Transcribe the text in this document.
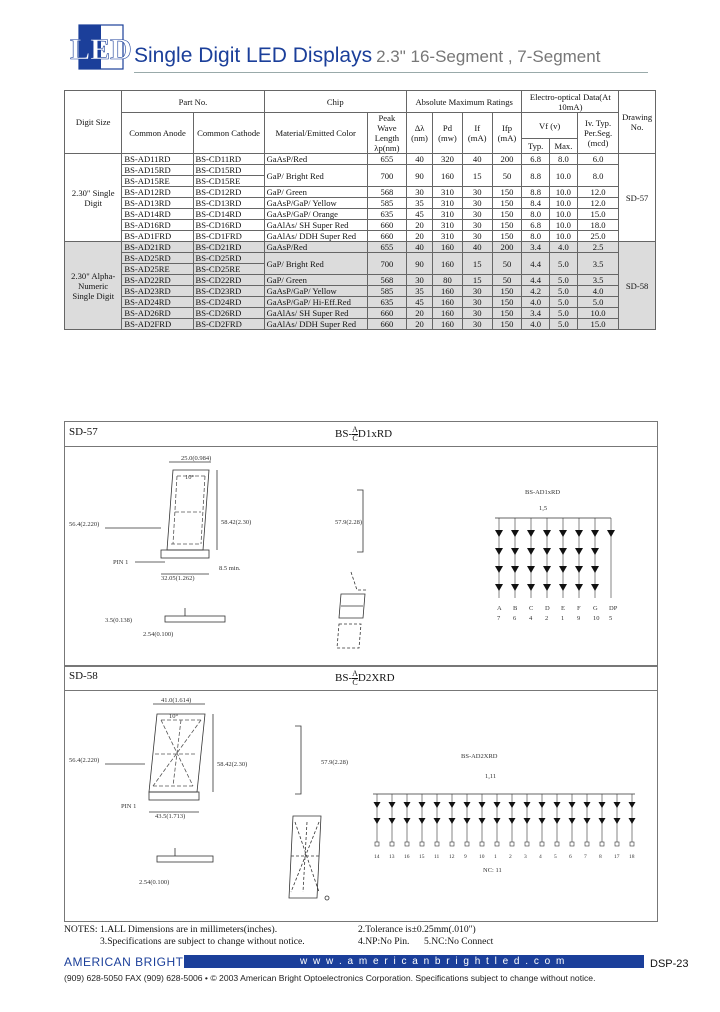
LED Single Digit LED Displays 2.3" 16-Segment , 7-Segment
Digit Size	Part No.		Chip		Absolute Maximum Ratings				Electro-optical Data(At 10mA)			Drawing No.
	Common Anode	Common Cathode	Material/Emitted Color	Peak Wave Length λp(nm)	Δλ (nm)	Pd (mw)	If (mA)	Ifp (mA)	Vf (v)		Iv. Typ. Per.Seg. (mcd)	
									Typ.	Max.		
2.30" Single Digit	BS-AD11RD	BS-CD11RD	GaAsP/Red	655	40	320	40	200	6.8	8.0	6.0	SD-57
	BS-AD15RD	BS-CD15RD	GaP/ Bright Red	700	90	160	15	50	8.8	10.0	8.0	
	BS-AD15RE	BS-CD15RE										
	BS-AD12RD	BS-CD12RD	GaP/ Green	568	30	310	30	150	8.8	10.0	12.0	
	BS-AD13RD	BS-CD13RD	GaAsP/GaP/ Yellow	585	35	310	30	150	8.4	10.0	12.0	
	BS-AD14RD	BS-CD14RD	GaAsP/GaP/ Orange	635	45	310	30	150	8.0	10.0	15.0	
	BS-AD16RD	BS-CD16RD	GaAlAs/ SH Super Red	660	20	310	30	150	6.8	10.0	18.0	
	BS-AD1FRD	BS-CD1FRD	GaAlAs/ DDH Super Red	660	20	310	30	150	8.0	10.0	25.0	
2.30" Alpha-Numeric Single Digit	BS-AD21RD	BS-CD21RD	GaAsP/Red	655	40	160	40	200	3.4	4.0	2.5	SD-58
	BS-AD25RD	BS-CD25RD	GaP/ Bright Red	700	90	160	15	50	4.4	5.0	3.5	
	BS-AD25RE	BS-CD25RE										
	BS-AD22RD	BS-CD22RD	GaP/ Green	568	30	80	15	50	4.4	5.0	3.5	
	BS-AD23RD	BS-CD23RD	GaAsP/GaP/ Yellow	585	35	160	30	150	4.2	5.0	4.0	
	BS-AD24RD	BS-CD24RD	GaAsP/GaP/ Hi-Eff.Red	635	45	160	30	150	4.0	5.0	5.0	
	BS-AD26RD	BS-CD26RD	GaAlAs/ SH Super Red	660	20	160	30	150	3.4	5.0	10.0	
	BS-AD2FRD	BS-CD2FRD	GaAlAs/ DDH Super Red	660	20	160	30	150	4.0	5.0	15.0	
SD-57	$BS- \frac{A}{C} D1xRD$
25.0(0.984)
10°
58.42(2.30)
56.4(2.220)
PIN 1
32.05(1.262)
8.5 min.
3.5(0.138)
2.54(0.100)
57.9(2.28)
BS-AD1xRD
1,5
A B C D E F G DP
7 6 4 2 1 9 10 5
SD-58	$BS- \frac{A}{C} D2XRD$
41.0(1.614)
10°
58.42(2.30)
56.4(2.220)
PIN 1
43.5(1.713)
2.54(0.100)
57.9(2.28)
BS-AD2XRD
1,11
14 13 16 15 11 12 9 10 1 2 3 4 5 6 7 8 17 18
NC: 11
NOTES: 1.ALL Dimensions are in millimeters(inches).	2.Tolerance is±0.25mm(.010")
3.Specifications are subject to change without notice.	4.NP:No Pin. 5.NC:No Connect
AMERICAN BRIGHT	w w w . a m e r i c a n b r i g h t l e d . c o m	DSP-23
(909) 628-5050 FAX (909) 628-5006 • © 2003 American Bright Optoelectronics Corporation. Specifications subject to change without notice.
